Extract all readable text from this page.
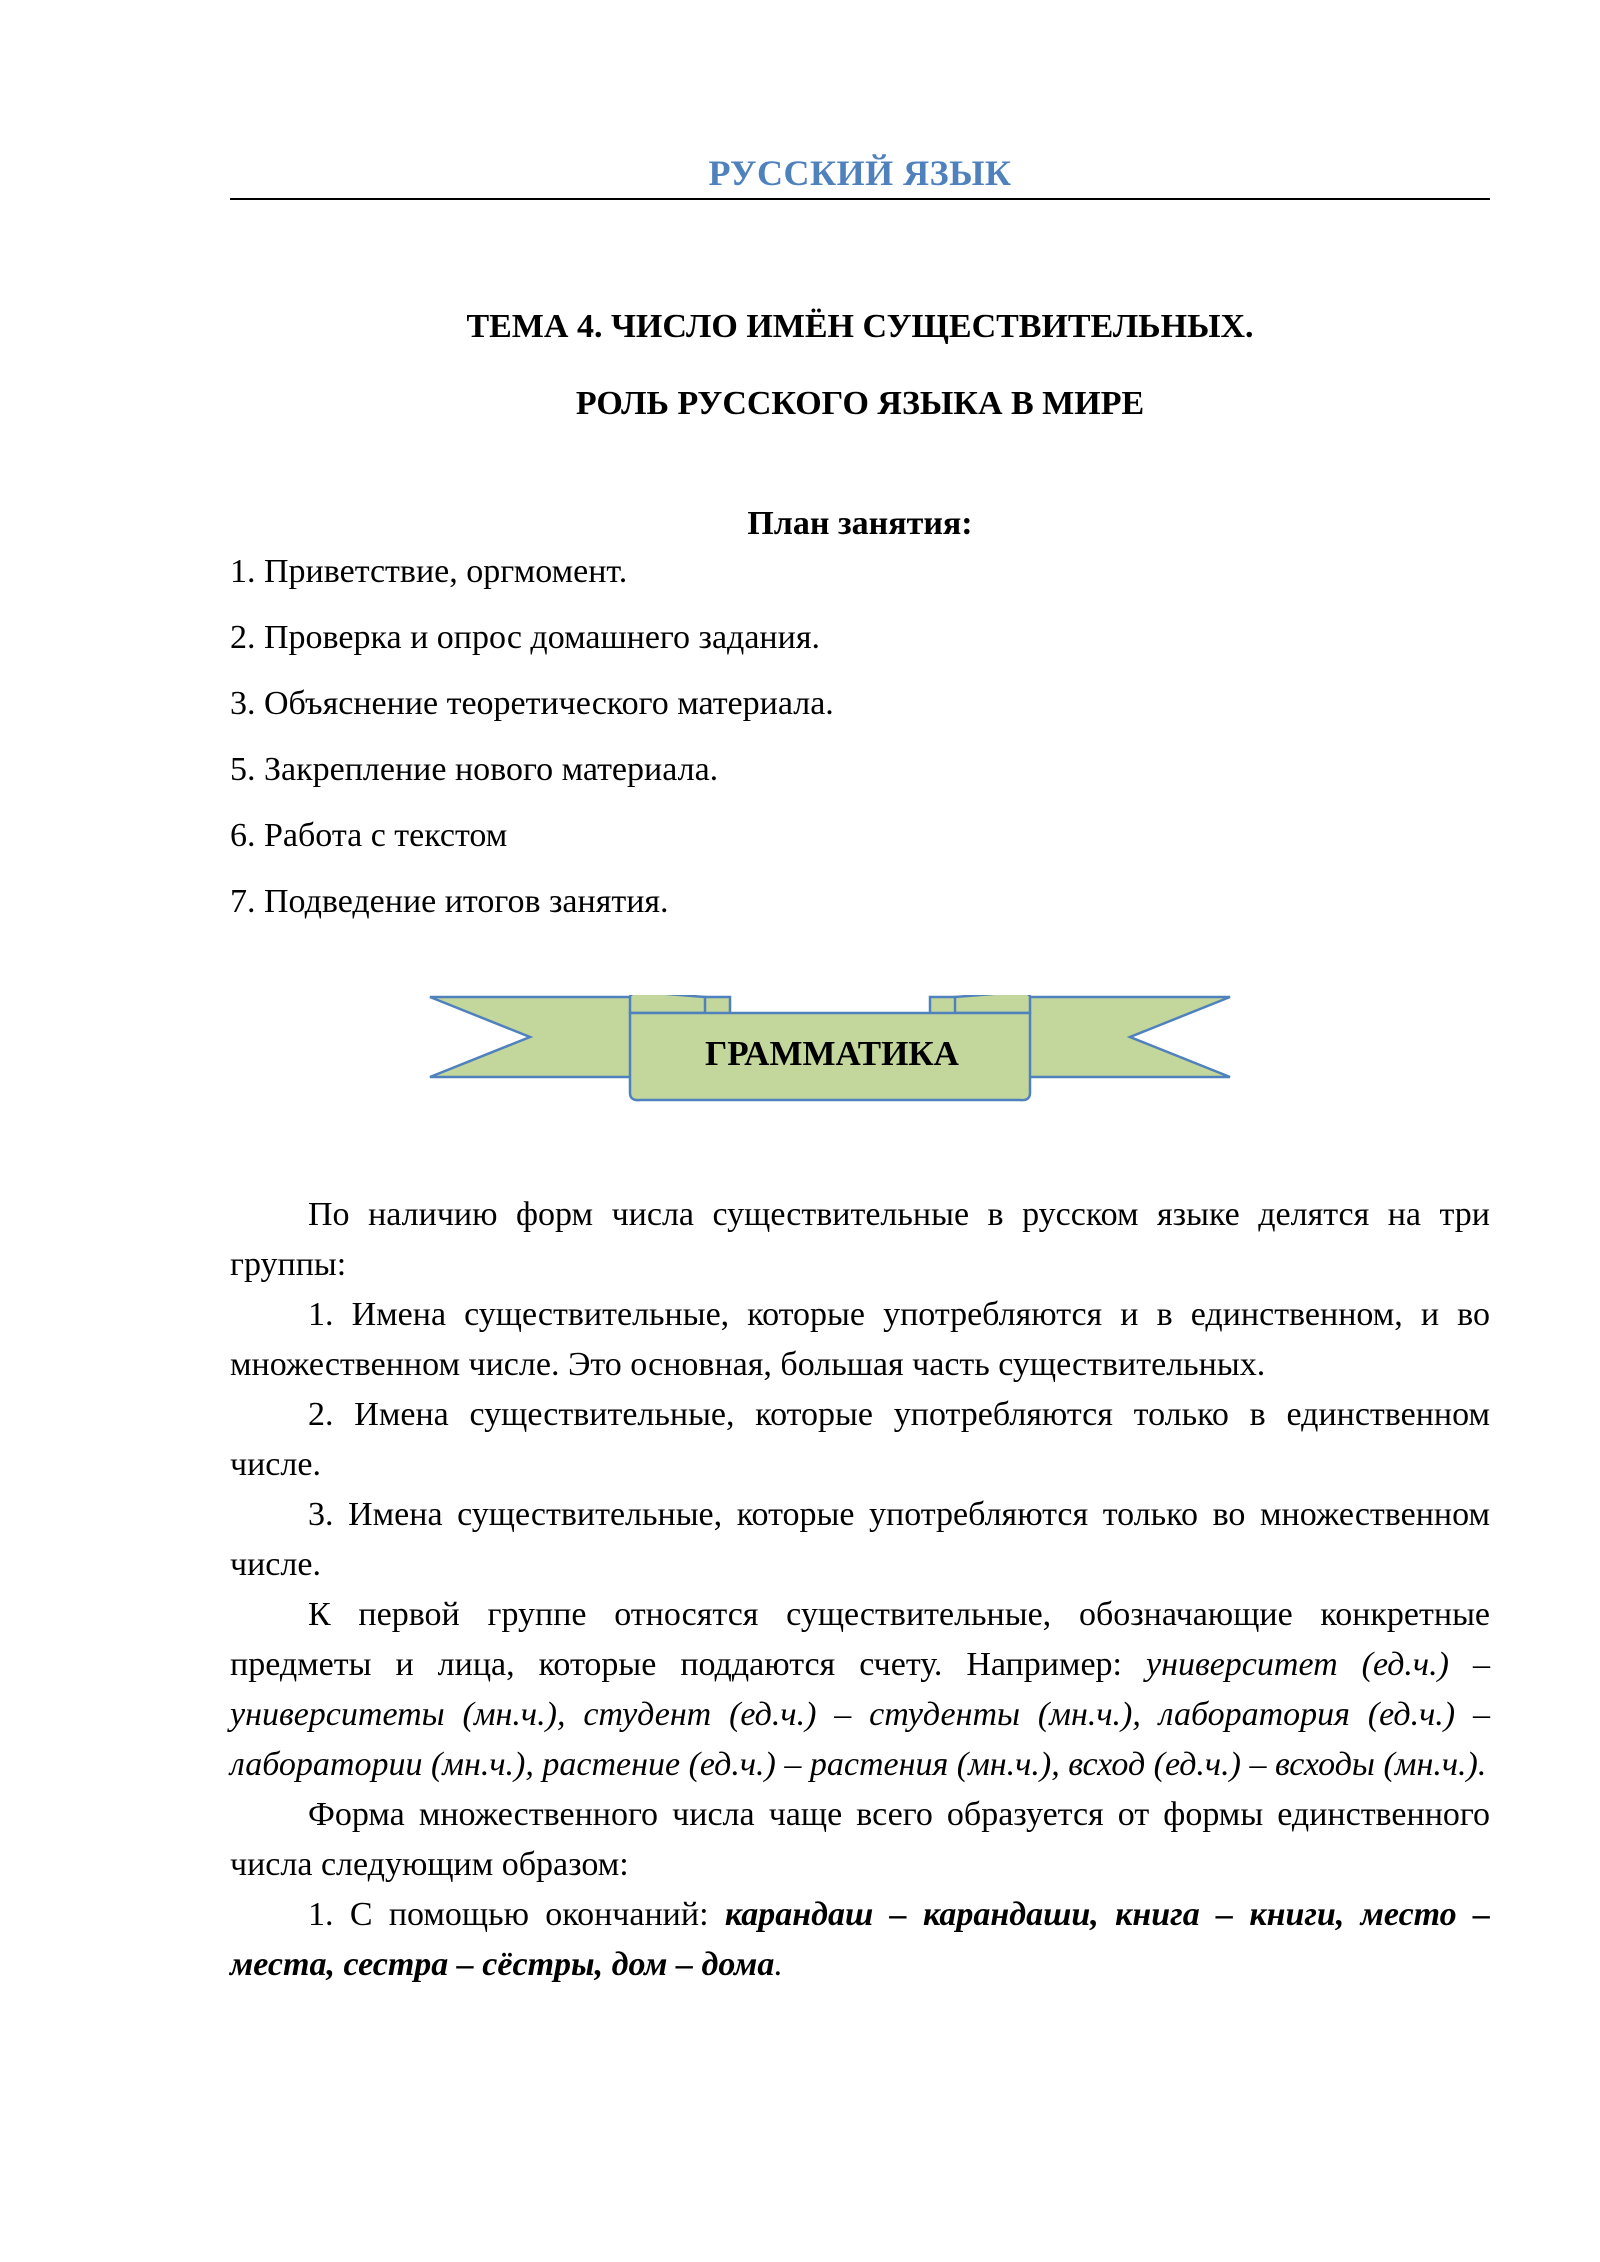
РУССКИЙ ЯЗЫК
ТЕМА 4. ЧИСЛО ИМЁН СУЩЕСТВИТЕЛЬНЫХ.
РОЛЬ РУССКОГО ЯЗЫКА В МИРЕ
План занятия:
1. Приветствие, оргмомент.
2. Проверка и опрос домашнего задания.
3. Объяснение теоретического материала.
5. Закрепление нового материала.
6. Работа с текстом
7. Подведение итогов занятия.
ГРАММАТИКА

По наличию форм числа существительные в русском языке делятся на три группы:

1. Имена существительные, которые употребляются и в единственном, и во множественном числе. Это основная, большая часть существительных.

2. Имена существительные, которые употребляются только в единственном числе.

3. Имена существительные, которые употребляются только во множественном числе.

К первой группе относятся существительные, обозначающие конкретные предметы и лица, которые поддаются счету. Например: университет (ед.ч.) – университеты (мн.ч.), студент (ед.ч.) – студенты (мн.ч.), лаборатория (ед.ч.) – лаборатории (мн.ч.), растение (ед.ч.) – растения (мн.ч.), всход (ед.ч.) – всходы (мн.ч.).

Форма множественного числа чаще всего образуется от формы единственного числа следующим образом:

1. С помощью окончаний: карандаш – карандаши, книга – книги, место – места, сестра – сёстры, дом – дома.
